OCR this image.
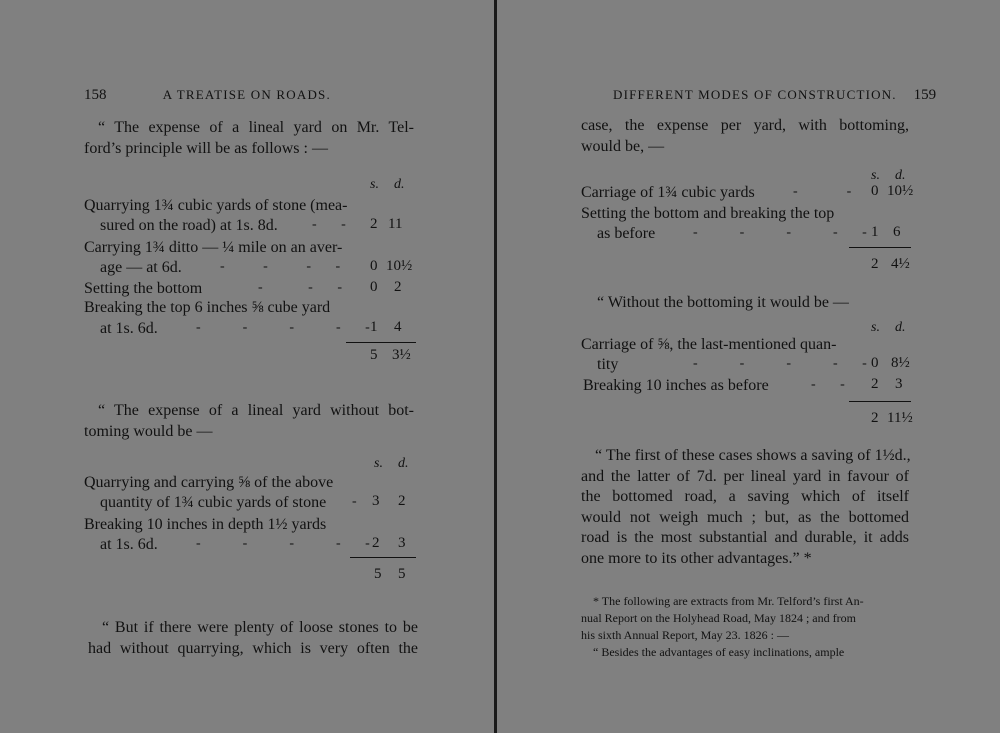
158	A TREATISE ON ROADS.
“ The expense of a lineal yard on Mr. Tel-
ford’s principle will be as follows : —
s. d.
Quarrying 1¾ cubic yards of stone (mea-
sured on the road) at 1s. 8d. -       - 2 11
Carrying 1¾ ditto — ¼ mile on an aver-
age — at 6d.	-           -           -       - 0 10½
Setting the bottom	-             -       - 0 2
Breaking the top 6 inches ⅝ cube yard
at 1s. 6d.	-            -            -            -       - 1 4
5 3½
“ The expense of a lineal yard without bot-
toming would be —
s. d.
Quarrying and carrying ⅝ of the above
quantity of 1¾ cubic yards of stone - 3 2
Breaking 10 inches in depth 1½ yards
at 1s. 6d.	-            -            -            -       - 2 3
5 5
“ But if there were plenty of loose stones to be
had without quarrying, which is very often the
DIFFERENT MODES OF CONSTRUCTION. 159
case, the expense per yard, with bottoming,
would be, —
s. d.
Carriage of 1¾ cubic yards	-              - 0 10½
Setting the bottom and breaking the top
as before	-            -            -            -       - 1 6
2 4½
“ Without the bottoming it would be —
s. d.
Carriage of ⅝, the last-mentioned quan-
tity	-            -            -            -       - 0 8½
Breaking 10 inches as before	-       - 2 3
2 11½
“ The first of these cases shows a saving of 1½d.,
and the latter of 7d. per lineal yard in favour of
the bottomed road, a saving which of itself
would not weigh much ; but, as the bottomed
road is the most substantial and durable, it adds
one more to its other advantages.” *
* The following are extracts from Mr. Telford’s first An-
nual Report on the Holyhead Road, May 1824 ; and from
his sixth Annual Report, May 23. 1826 : —
“ Besides the advantages of easy inclinations, ample
